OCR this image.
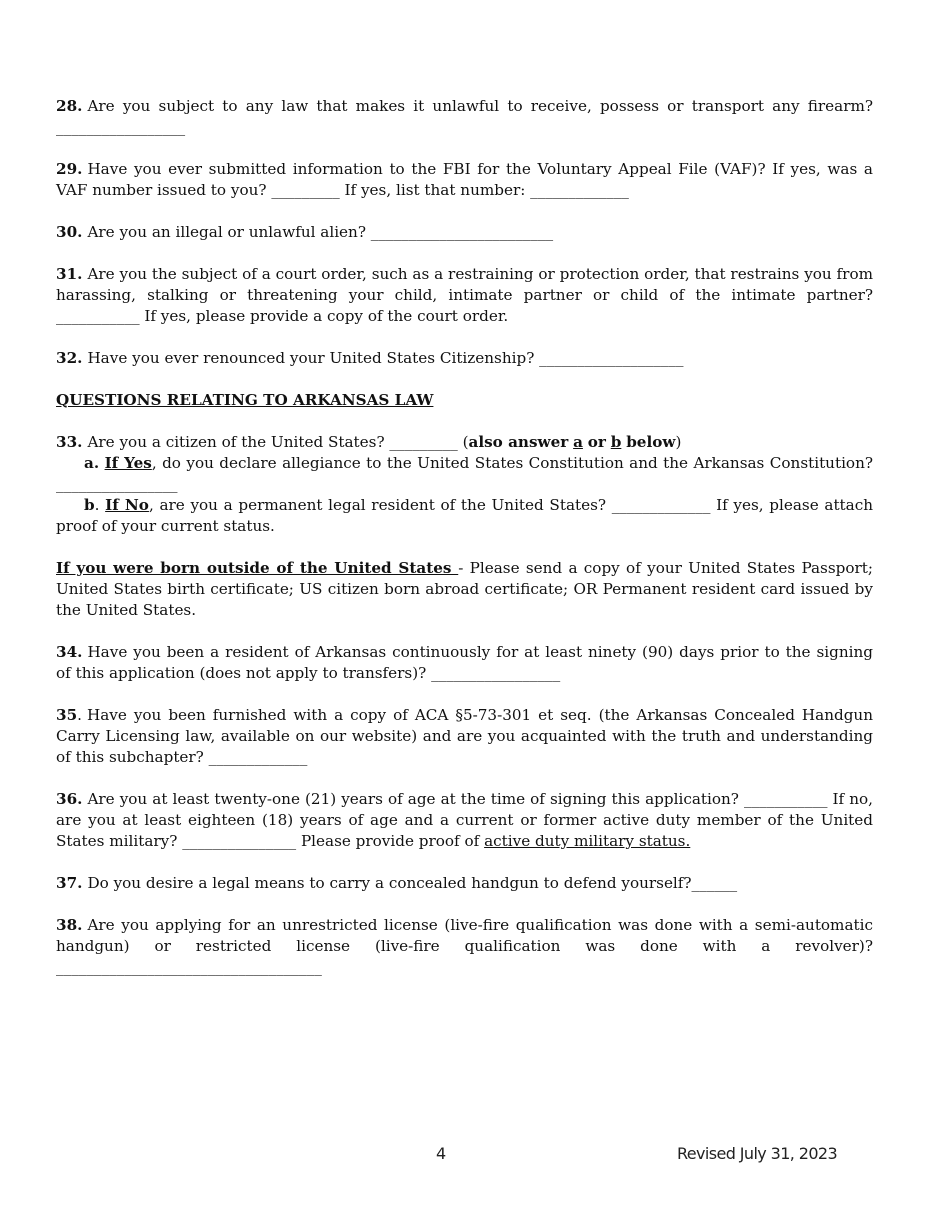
28. Are you subject to any law that makes it unlawful to receive, possess or transport any firearm? _________________

29. Have you ever submitted information to the FBI for the Voluntary Appeal File (VAF)? If yes, was a VAF number issued to you? _________ If yes, list that number: _____________

30. Are you an illegal or unlawful alien? ________________________

31. Are you the subject of a court order, such as a restraining or protection order, that restrains you from harassing, stalking or threatening your child, intimate partner or child of the intimate partner? ___________ If yes, please provide a copy of the court order.

32. Have you ever renounced your United States Citizenship? ___________________

QUESTIONS RELATING TO ARKANSAS LAW

33. Are you a citizen of the United States? _________ (also answer a or b below)

a. If Yes, do you declare allegiance to the United States Constitution and the Arkansas Constitution? ________________

b. If No, are you a permanent legal resident of the United States? _____________ If yes, please attach proof of your current status.

If you were born outside of the United States - Please send a copy of your United States Passport; United States birth certificate; US citizen born abroad certificate; OR Permanent resident card issued by the United States.

34. Have you been a resident of Arkansas continuously for at least ninety (90) days prior to the signing of this application (does not apply to transfers)? _________________

35. Have you been furnished with a copy of ACA §5-73-301 et seq. (the Arkansas Concealed Handgun Carry Licensing law, available on our website) and are you acquainted with the truth and understanding of this subchapter? _____________

36. Are you at least twenty-one (21) years of age at the time of signing this application? ___________ If no, are you at least eighteen (18) years of age and a current or former active duty member of the United States military? _______________ Please provide proof of active duty military status.

37. Do you desire a legal means to carry a concealed handgun to defend yourself?______

38. Are you applying for an unrestricted license (live-fire qualification was done with a semi-automatic handgun) or restricted license (live-fire qualification was done with a revolver)? ___________________________________

4	Revised July 31, 2023
